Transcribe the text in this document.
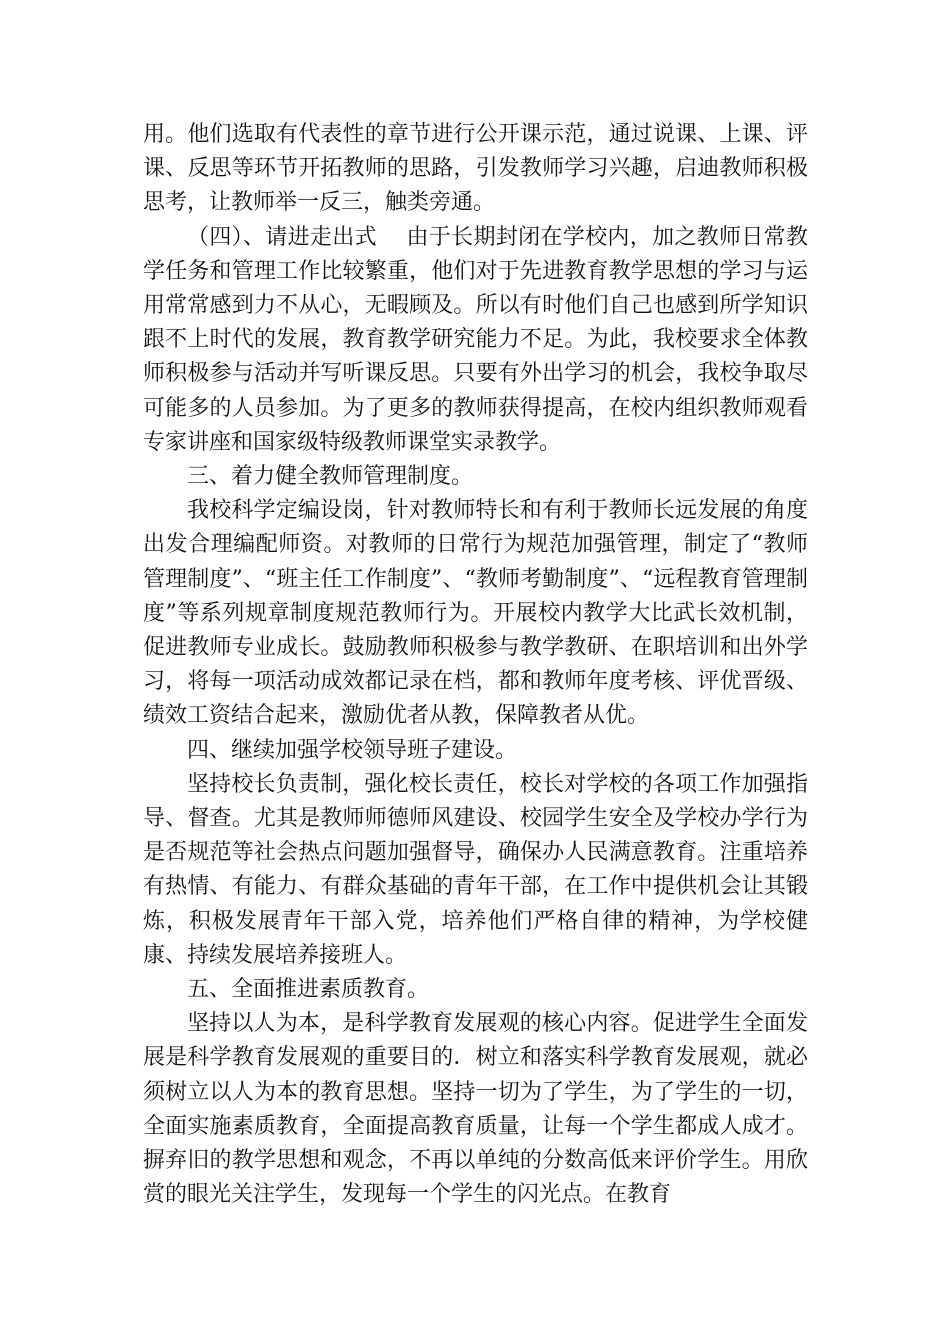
用。他们选取有代表性的章节进行公开课示范，通过说课、上课、评课、反思等环节开拓教师的思路，引发教师学习兴趣，启迪教师积极思考，让教师举一反三，触类旁通。

（四）、请进走出式　 由于长期封闭在学校内，加之教师日常教学任务和管理工作比较繁重，他们对于先进教育教学思想的学习与运用常常感到力不从心，无暇顾及。所以有时他们自己也感到所学知识跟不上时代的发展，教育教学研究能力不足。为此，我校要求全体教师积极参与活动并写听课反思。只要有外出学习的机会，我校争取尽可能多的人员参加。为了更多的教师获得提高，在校内组织教师观看专家讲座和国家级特级教师课堂实录教学。

三、着力健全教师管理制度。

我校科学定编设岗，针对教师特长和有利于教师长远发展的角度出发合理编配师资。对教师的日常行为规范加强管理，制定了“教师管理制度”、“班主任工作制度”、“教师考勤制度”、“远程教育管理制度”等系列规章制度规范教师行为。开展校内教学大比武长效机制，促进教师专业成长。鼓励教师积极参与教学教研、在职培训和出外学习，将每一项活动成效都记录在档，都和教师年度考核、评优晋级、绩效工资结合起来，激励优者从教，保障教者从优。

四、继续加强学校领导班子建设。

坚持校长负责制，强化校长责任，校长对学校的各项工作加强指导、督查。尤其是教师师德师风建设、校园学生安全及学校办学行为是否规范等社会热点问题加强督导，确保办人民满意教育。注重培养有热情、有能力、有群众基础的青年干部，在工作中提供机会让其锻炼，积极发展青年干部入党，培养他们严格自律的精神，为学校健康、持续发展培养接班人。

五、全面推进素质教育。

坚持以人为本，是科学教育发展观的核心内容。促进学生全面发展是科学教育发展观的重要目的．树立和落实科学教育发展观，就必须树立以人为本的教育思想。坚持一切为了学生，为了学生的一切，全面实施素质教育，全面提高教育质量，让每一个学生都成人成才。 摒弃旧的教学思想和观念，不再以单纯的分数高低来评价学生。用欣赏的眼光关注学生，发现每一个学生的闪光点。在教育
